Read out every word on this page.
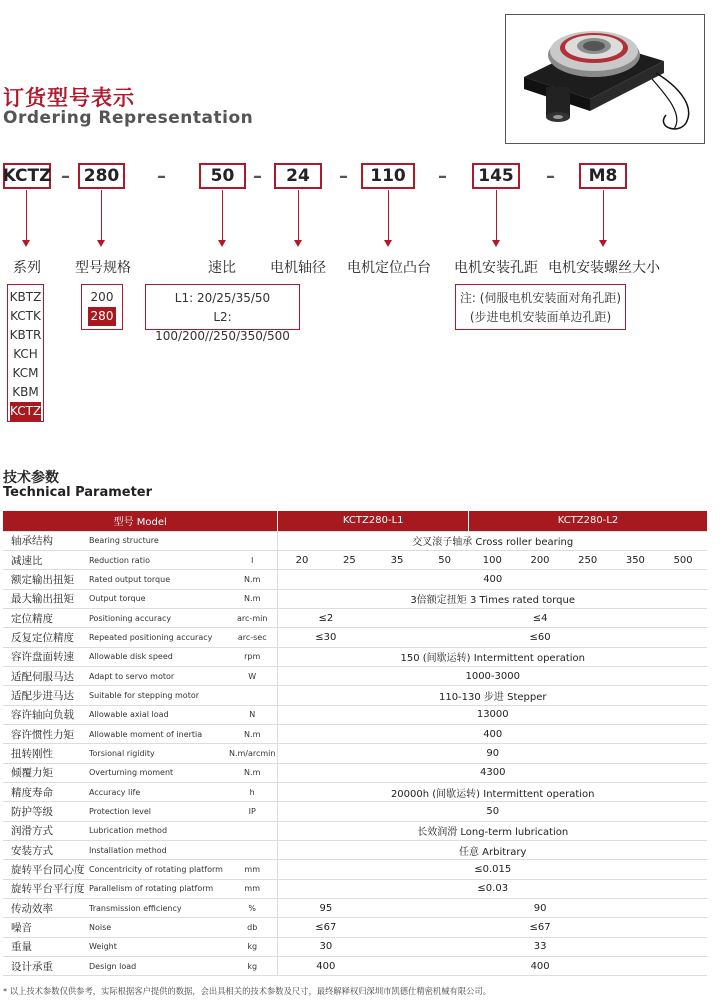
订货型号表示
Ordering Representation
KCTZ – 280	–	50	–	24	–	110	–	145	–	M8
系列 型号规格	速比 电机轴径 电机定位凸台 电机安装孔距 电机安装螺丝大小
KBTZ
KCTK
KBTR
KCH
KCM
KBM
KCTZ
200
280
L1: 20/25/35/50
L2: 100/200//250/350/500
注: (伺服电机安装面对角孔距)
(步进电机安装面单边孔距)
技术参数
Technical Parameter
型号 Model			KCTZ280-L1				KCTZ280-L2				
轴承结构	Bearing structure		交叉滚子轴承 Cross roller bearing								
减速比	Reduction ratio	I	20	25	35	50	100	200	250	350	500
额定输出扭矩	Rated output torque	N.m	400								
最大输出扭矩	Output torque	N.m	3倍额定扭矩 3 Times rated torque								
定位精度	Positioning accuracy	arc-min	≤2		≤4						
反复定位精度	Repeated positioning accuracy	arc-sec	≤30		≤60						
容许盘面转速	Allowable disk speed	rpm	150 (间歇运转) Intermittent operation								
适配伺服马达	Adapt to servo motor	W	1000-3000								
适配步进马达	Suitable for stepping motor		110-130 步进 Stepper								
容许轴向负载	Allowable axial load	N	13000								
容许惯性力矩	Allowable moment of inertia	N.m	400								
扭转刚性	Torsional rigidity	N.m/arcmin	90								
倾覆力矩	Overturning moment	N.m	4300								
精度寿命	Accuracy life	h	20000h (间歇运转) Intermittent operation								
防护等级	Protection level	IP	50								
润滑方式	Lubrication method		长效润滑 Long-term lubrication								
安装方式	Installation method		任意 Arbitrary								
旋转平台同心度	Concentricity of rotating platform	mm	≤0.015								
旋转平台平行度	Parallelism of rotating platform	mm	≤0.03								
传动效率	Transmission efficiency	%	95		90						
噪音	Noise	db	≤67		≤67						
重量	Weight	kg	30		33						
设计承重	Design load	kg	400		400						
* 以上技术参数仅供参考，实际根据客户提供的数据，会出具相关的技术参数及尺寸，最终解释权归深圳市凯德仕精密机械有限公司。
